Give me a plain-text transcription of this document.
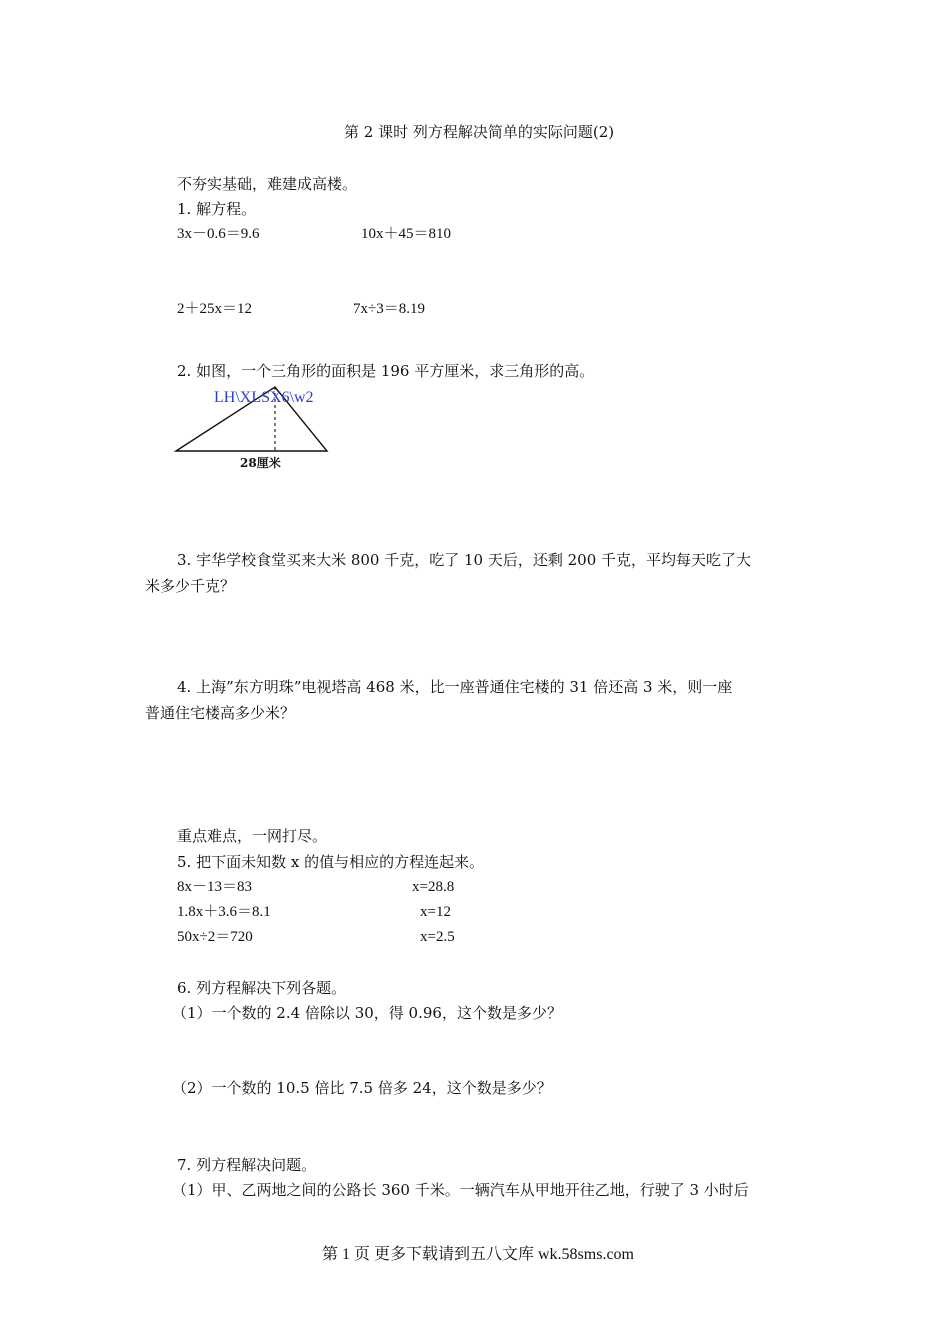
第 2 课时 列方程解决简单的实际问题(2)
不夯实基础，难建成高楼。
1. 解方程。
3x－0.6＝9.6	10x＋45＝810
2＋25x＝12	7x÷3＝8.19
2. 如图，一个三角形的面积是 196 平方厘米，求三角形的高。
LH\XLSX6\w2
28厘米
3. 宇华学校食堂买来大米 800 千克，吃了 10 天后，还剩 200 千克，平均每天吃了大
米多少千克？
4. 上海”东方明珠”电视塔高 468 米，比一座普通住宅楼的 31 倍还高 3 米，则一座
普通住宅楼高多少米？
重点难点，一网打尽。
5. 把下面未知数 x 的值与相应的方程连起来。
8x－13＝83	x=28.8
1.8x＋3.6＝8.1	x=12
50x÷2＝720	x=2.5
6. 列方程解决下列各题。
（1）一个数的 2.4 倍除以 30，得 0.96，这个数是多少？
（2）一个数的 10.5 倍比 7.5 倍多 24，这个数是多少？
7. 列方程解决问题。
（1）甲、乙两地之间的公路长 360 千米。一辆汽车从甲地开往乙地，行驶了 3 小时后
第 1 页 更多下载请到五八文库 wk.58sms.com
